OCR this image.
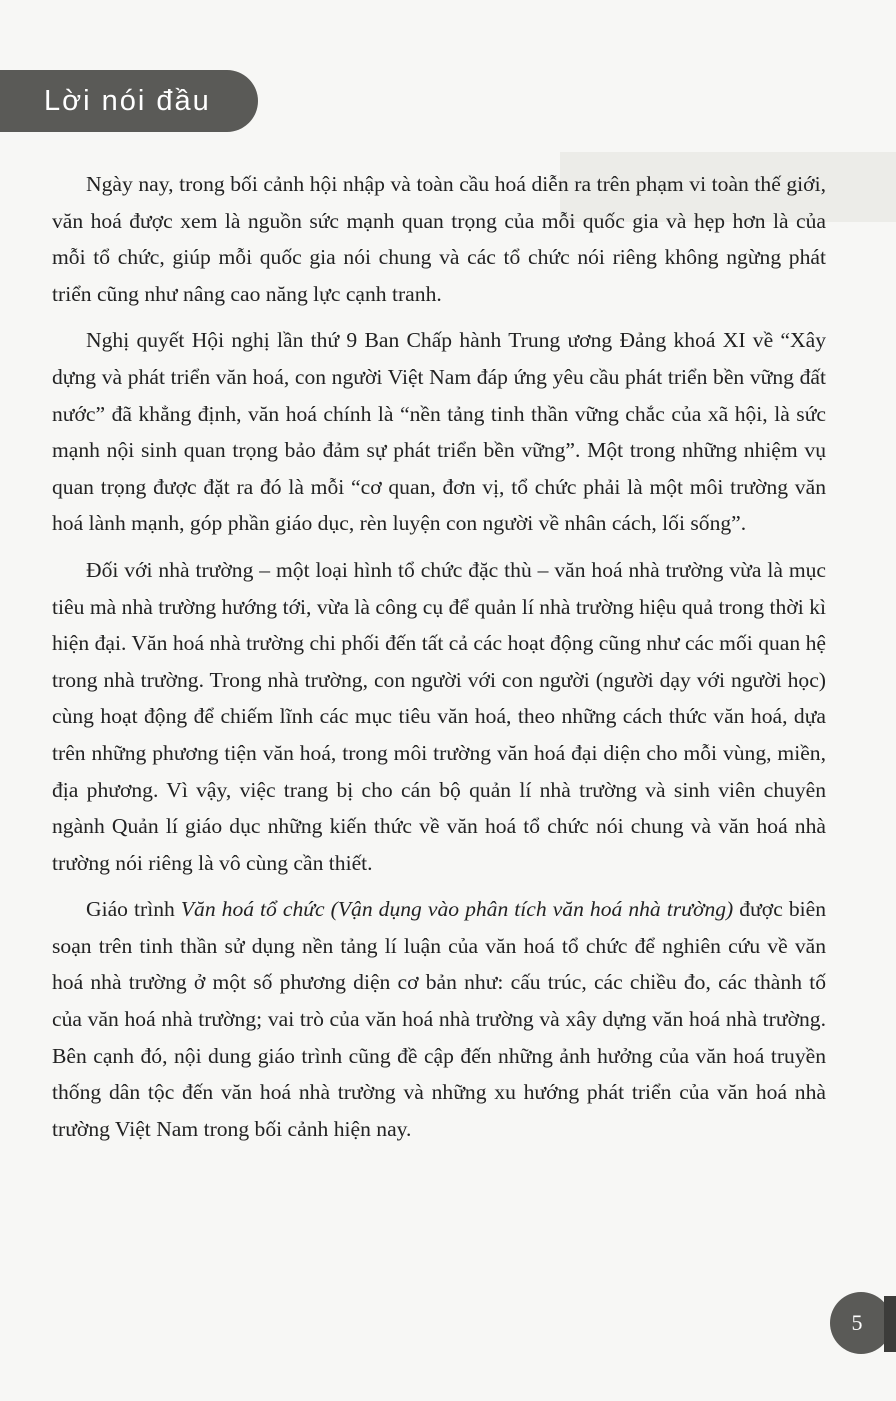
Lời nói đầu

Ngày nay, trong bối cảnh hội nhập và toàn cầu hoá diễn ra trên phạm vi toàn thế giới, văn hoá được xem là nguồn sức mạnh quan trọng của mỗi quốc gia và hẹp hơn là của mỗi tổ chức, giúp mỗi quốc gia nói chung và các tổ chức nói riêng không ngừng phát triển cũng như nâng cao năng lực cạnh tranh.

Nghị quyết Hội nghị lần thứ 9 Ban Chấp hành Trung ương Đảng khoá XI về “Xây dựng và phát triển văn hoá, con người Việt Nam đáp ứng yêu cầu phát triển bền vững đất nước” đã khẳng định, văn hoá chính là “nền tảng tinh thần vững chắc của xã hội, là sức mạnh nội sinh quan trọng bảo đảm sự phát triển bền vững”. Một trong những nhiệm vụ quan trọng được đặt ra đó là mỗi “cơ quan, đơn vị, tổ chức phải là một môi trường văn hoá lành mạnh, góp phần giáo dục, rèn luyện con người về nhân cách, lối sống”.

Đối với nhà trường – một loại hình tổ chức đặc thù – văn hoá nhà trường vừa là mục tiêu mà nhà trường hướng tới, vừa là công cụ để quản lí nhà trường hiệu quả trong thời kì hiện đại. Văn hoá nhà trường chi phối đến tất cả các hoạt động cũng như các mối quan hệ trong nhà trường. Trong nhà trường, con người với con người (người dạy với người học) cùng hoạt động để chiếm lĩnh các mục tiêu văn hoá, theo những cách thức văn hoá, dựa trên những phương tiện văn hoá, trong môi trường văn hoá đại diện cho mỗi vùng, miền, địa phương. Vì vậy, việc trang bị cho cán bộ quản lí nhà trường và sinh viên chuyên ngành Quản lí giáo dục những kiến thức về văn hoá tổ chức nói chung và văn hoá nhà trường nói riêng là vô cùng cần thiết.

Giáo trình Văn hoá tổ chức (Vận dụng vào phân tích văn hoá nhà trường) được biên soạn trên tinh thần sử dụng nền tảng lí luận của văn hoá tổ chức để nghiên cứu về văn hoá nhà trường ở một số phương diện cơ bản như: cấu trúc, các chiều đo, các thành tố của văn hoá nhà trường; vai trò của văn hoá nhà trường và xây dựng văn hoá nhà trường. Bên cạnh đó, nội dung giáo trình cũng đề cập đến những ảnh hưởng của văn hoá truyền thống dân tộc đến văn hoá nhà trường và những xu hướng phát triển của văn hoá nhà trường Việt Nam trong bối cảnh hiện nay.

5
